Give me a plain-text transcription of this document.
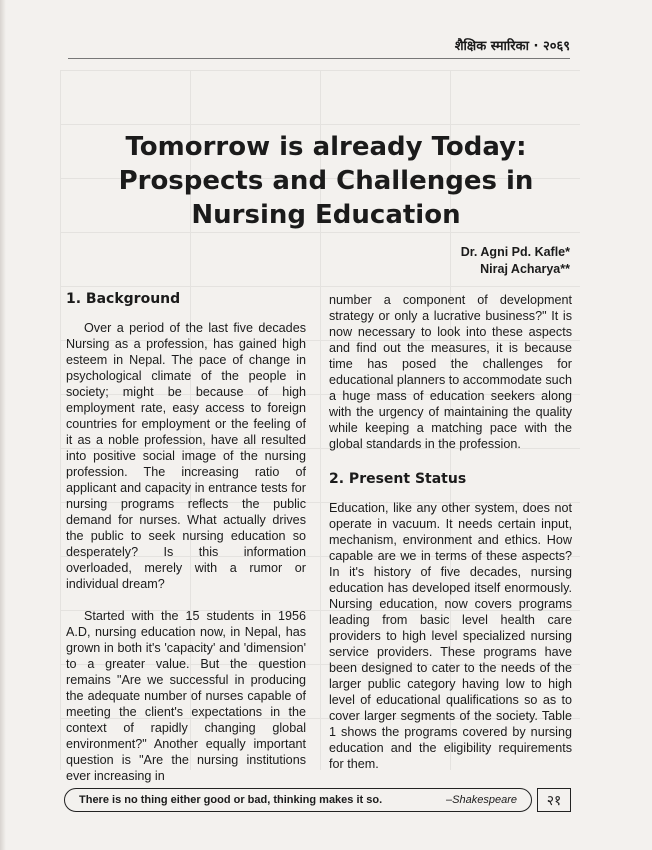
शैक्षिक स्मारिका · २०६९
Tomorrow is already Today: Prospects and Challenges in Nursing Education
Dr. Agni Pd. Kafle*
Niraj Acharya**
1. Background

Over a period of the last five decades Nursing as a profession, has gained high esteem in Nepal. The pace of change in psychological climate of the people in society; might be because of high employment rate, easy access to foreign countries for employment or the feeling of it as a noble profession, have all resulted into positive social image of the nursing profession. The increasing ratio of applicant and capacity in entrance tests for nursing programs reflects the public demand for nurses. What actually drives the public to seek nursing education so desperately? Is this information overloaded, merely with a rumor or individual dream?

Started with the 15 students in 1956 A.D, nursing education now, in Nepal, has grown in both it's 'capacity' and 'dimension' to a greater value. But the question remains "Are we successful in producing the adequate number of nurses capable of meeting the client's expectations in the context of rapidly changing global environment?" Another equally important question is "Are the nursing institutions ever increasing in

number a component of development strategy or only a lucrative business?" It is now necessary to look into these aspects and find out the measures, it is because time has posed the challenges for educational planners to accommodate such a huge mass of education seekers along with the urgency of maintaining the quality while keeping a matching pace with the global standards in the profession.

2. Present Status

Education, like any other system, does not operate in vacuum. It needs certain input, mechanism, environment and ethics. How capable are we in terms of these aspects? In it's history of five decades, nursing education has developed itself enormously. Nursing education, now covers programs leading from basic level health care providers to high level specialized nursing service providers. These programs have been designed to cater to the needs of the larger public category having low to high level of educational qualifications so as to cover larger segments of the society. Table 1 shows the programs covered by nursing education and the eligibility requirements for them.

There is no thing either good or bad, thinking makes it so.	–Shakespeare	२१
